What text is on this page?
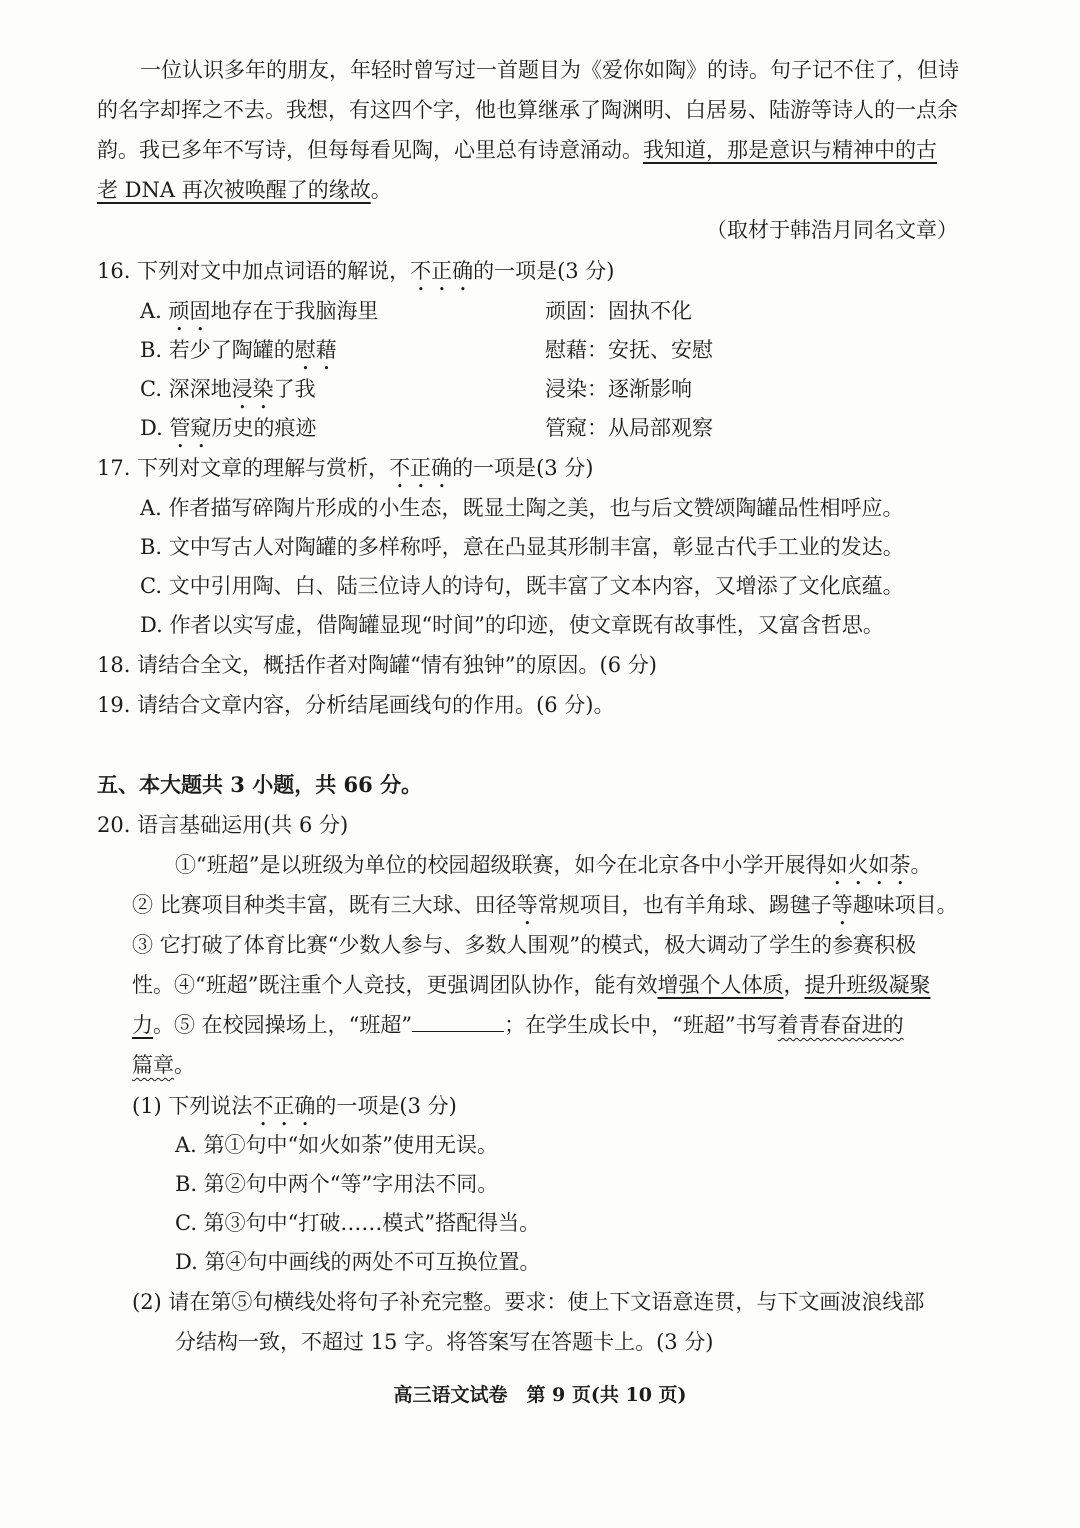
一位认识多年的朋友，年轻时曾写过一首题目为《爱你如陶》的诗。句子记不住了，但诗
的名字却挥之不去。我想，有这四个字，他也算继承了陶渊明、白居易、陆游等诗人的一点余
韵。我已多年不写诗，但每每看见陶，心里总有诗意涌动。我知道，那是意识与精神中的古
老 DNA 再次被唤醒了的缘故。
（取材于韩浩月同名文章）
16. 下列对文中加点词语的解说，不正确的一项是(3 分)
A. 顽固地存在于我脑海里	顽固：固执不化
B. 若少了陶罐的慰藉	慰藉：安抚、安慰
C. 深深地浸染了我	浸染：逐渐影响
D. 管窥历史的痕迹	管窥：从局部观察
17. 下列对文章的理解与赏析，不正确的一项是(3 分)
A. 作者描写碎陶片形成的小生态，既显土陶之美，也与后文赞颂陶罐品性相呼应。
B. 文中写古人对陶罐的多样称呼，意在凸显其形制丰富，彰显古代手工业的发达。
C. 文中引用陶、白、陆三位诗人的诗句，既丰富了文本内容，又增添了文化底蕴。
D. 作者以实写虚，借陶罐显现“时间”的印迹，使文章既有故事性，又富含哲思。
18. 请结合全文，概括作者对陶罐“情有独钟”的原因。(6 分)
19. 请结合文章内容，分析结尾画线句的作用。(6 分)。
五、本大题共 3 小题，共 66 分。
20. 语言基础运用(共 6 分)
①“班超”是以班级为单位的校园超级联赛，如今在北京各中小学开展得如火如荼。
② 比赛项目种类丰富，既有三大球、田径等常规项目，也有羊角球、踢毽子等趣味项目。
③ 它打破了体育比赛“少数人参与、多数人围观”的模式，极大调动了学生的参赛积极
性。④“班超”既注重个人竞技，更强调团队协作，能有效增强个人体质，提升班级凝聚
力。⑤ 在校园操场上，“班超”	；在学生成长中，“班超”书写着青春奋进的
篇章。
(1) 下列说法不正确的一项是(3 分)
A. 第①句中“如火如荼”使用无误。
B. 第②句中两个“等”字用法不同。
C. 第③句中“打破……模式”搭配得当。
D. 第④句中画线的两处不可互换位置。
(2) 请在第⑤句横线处将句子补充完整。要求：使上下文语意连贯，与下文画波浪线部
分结构一致，不超过 15 字。将答案写在答题卡上。(3 分)
高三语文试卷　第 9 页(共 10 页)
